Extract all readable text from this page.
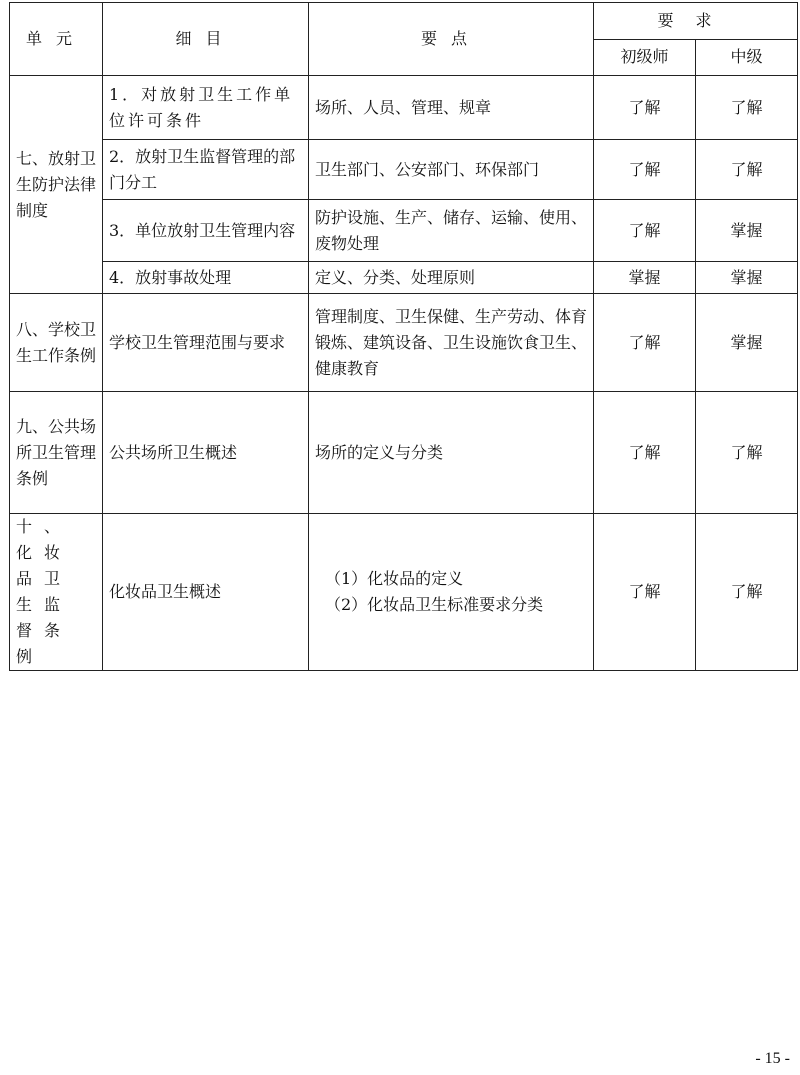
单元	细目	要点	要求	
			初级师	中级
七、放射卫生防护法律制度	1．对放射卫生工作单位许可条件	场所、人员、管理、规章	了解	了解
	2．放射卫生监督管理的部门分工	卫生部门、公安部门、环保部门	了解	了解
	3．单位放射卫生管理内容	防护设施、生产、储存、运输、使用、废物处理	了解	掌握
	4．放射事故处理	定义、分类、处理原则	掌握	掌握
八、学校卫生工作条例	学校卫生管理范围与要求	管理制度、卫生保健、生产劳动、体育锻炼、建筑设备、卫生设施饮食卫生、健康教育	了解	掌握
九、公共场所卫生管理条例	公共场所卫生概述	场所的定义与分类	了解	了解
十、化妆品卫生监督条例	化妆品卫生概述	（1）化妆品的定义
（2）化妆品卫生标准要求分类	了解	了解
- 15 -
